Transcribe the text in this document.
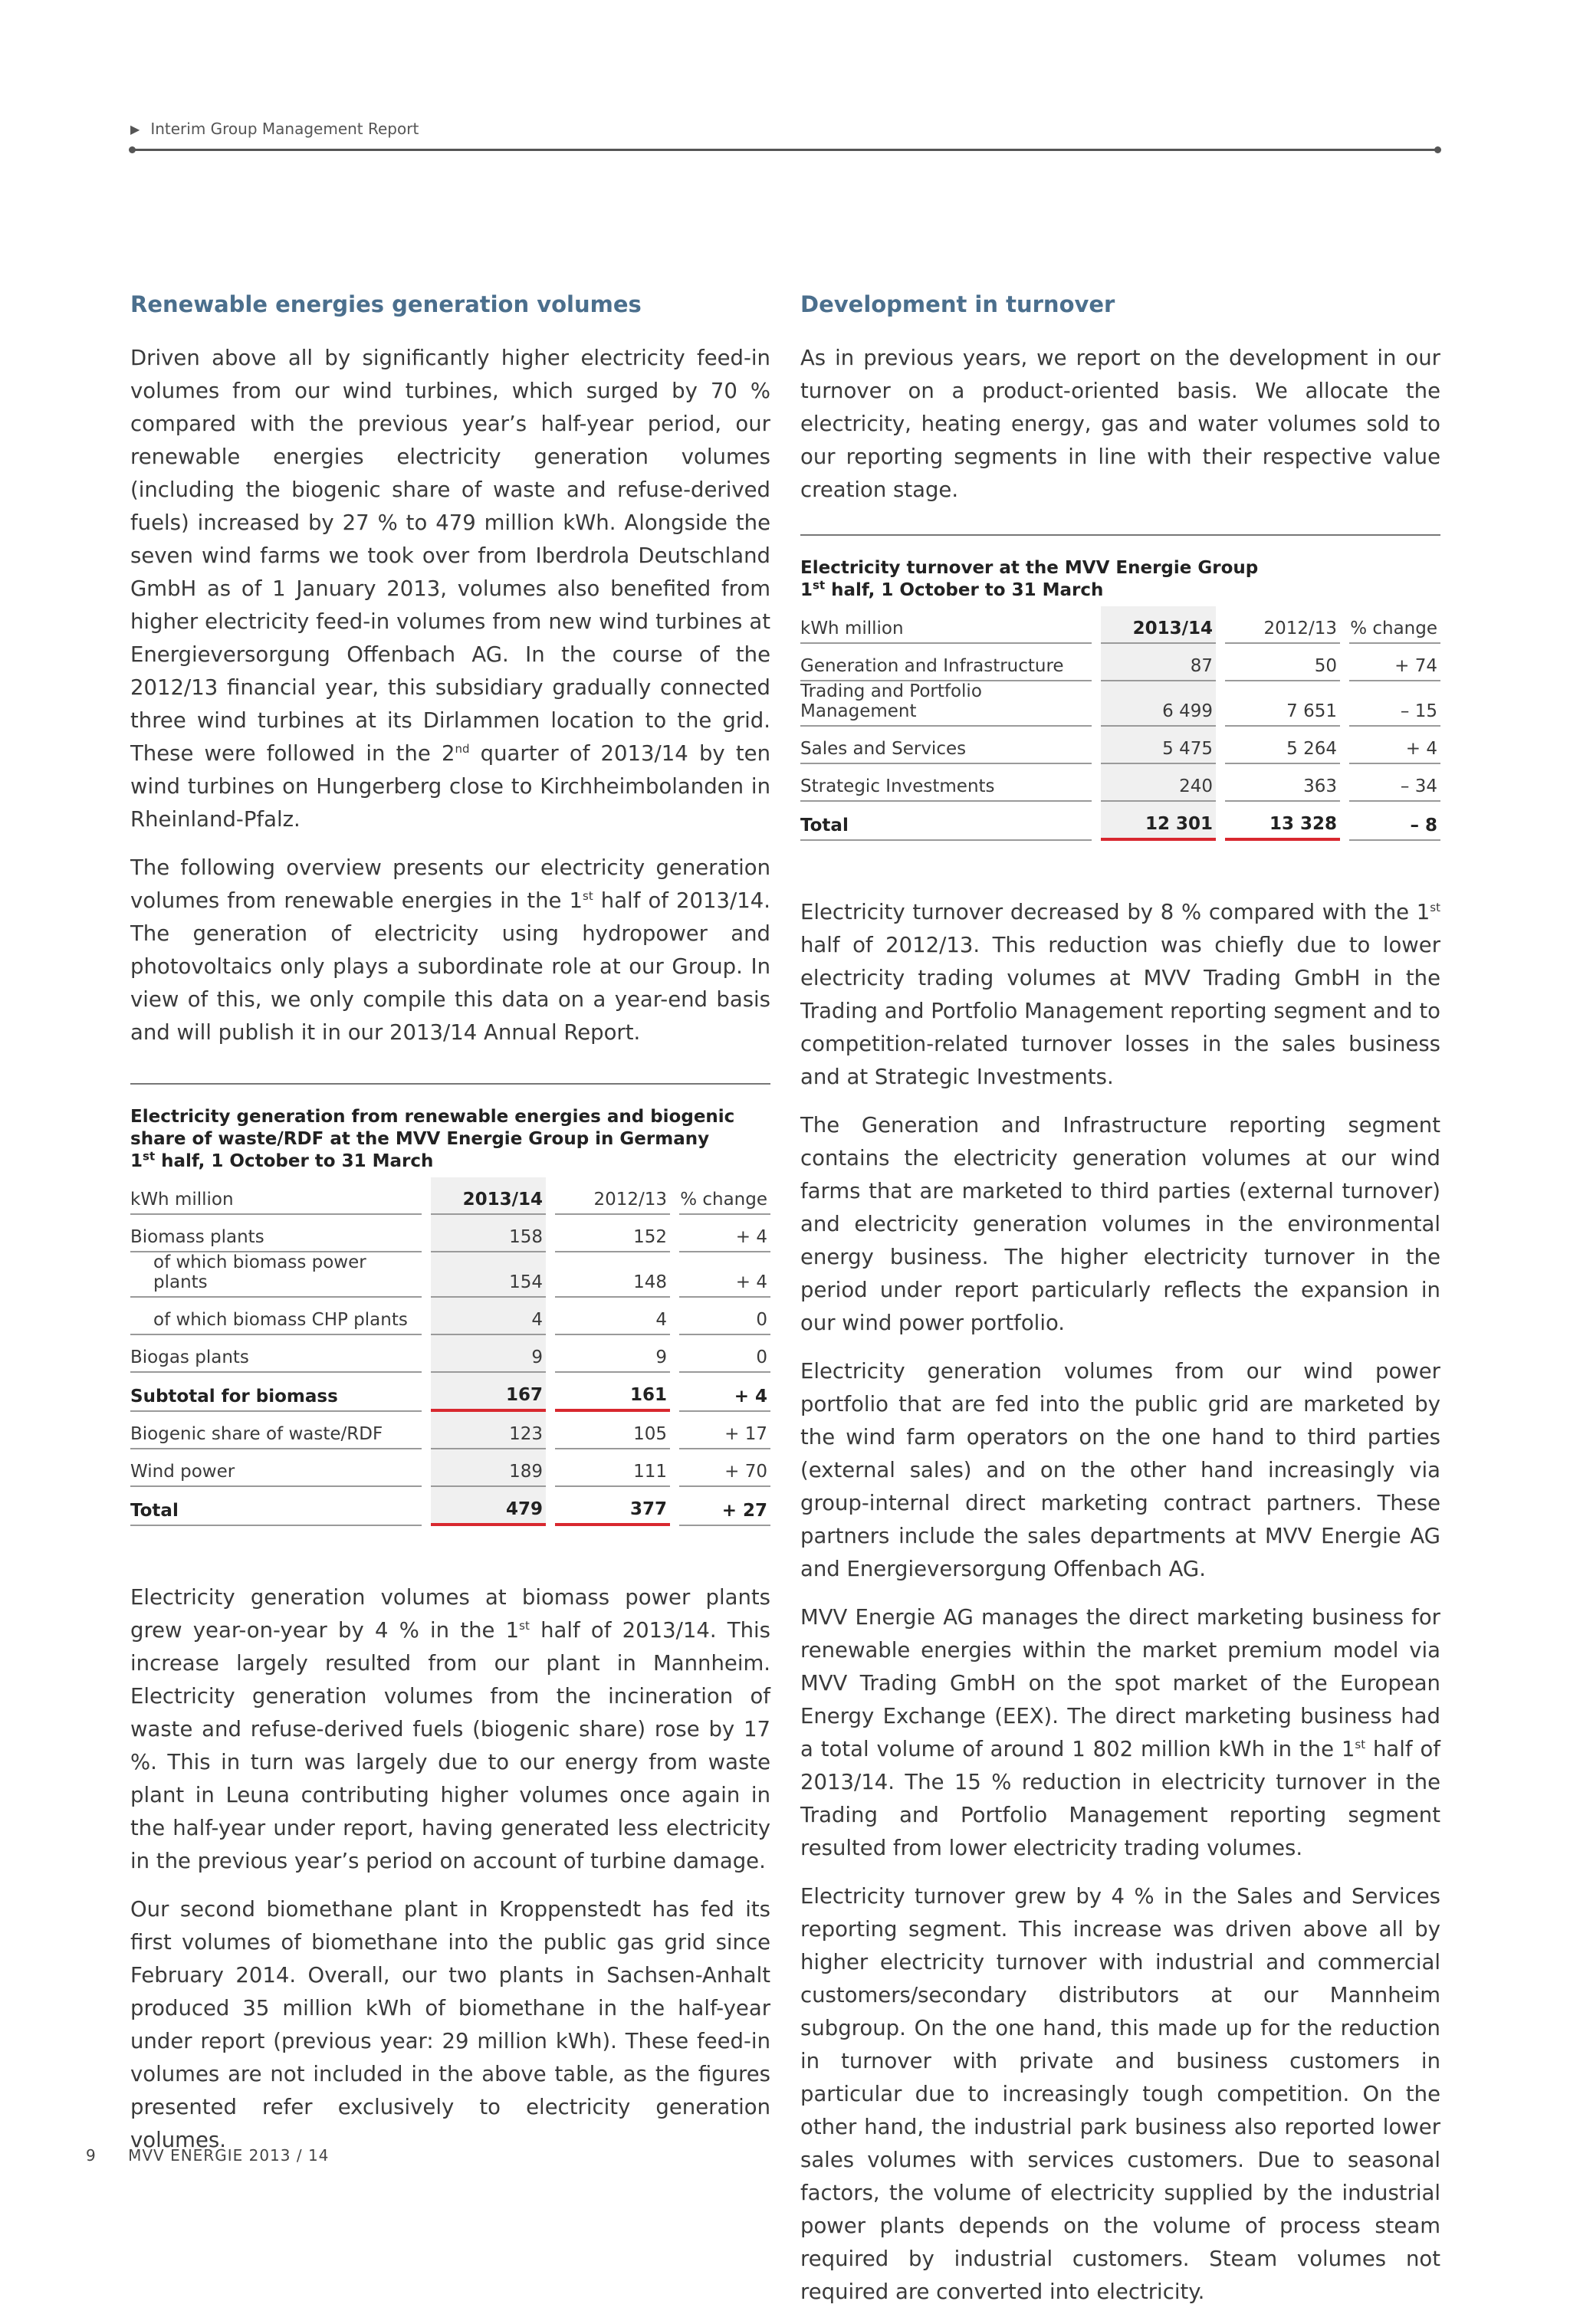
▶ Interim Group Management Report
Renewable energies generation volumes

Driven above all by significantly higher electricity feed-in volumes from our wind turbines, which surged by 70 % compared with the previous year’s half-year period, our renewable energies electricity generation volumes (including the biogenic share of waste and refuse-derived fuels) increased by 27 % to 479 million kWh. Alongside the seven wind farms we took over from Iberdrola Deutschland GmbH as of 1 January 2013, volumes also benefited from higher electricity feed-in volumes from new wind turbines at Energieversorgung Offenbach AG. In the course of the 2012/13 financial year, this subsidiary gradually connected three wind turbines at its Dirlammen location to the grid. These were followed in the 2nd quarter of 2013/14 by ten wind turbines on Hungerberg close to Kirchheimbolanden in Rheinland-Pfalz.

The following overview presents our electricity generation volumes from renewable energies in the 1st half of 2013/14. The generation of electricity using hydropower and photovoltaics only plays a subordinate role at our Group. In view of this, we only compile this data on a year-end basis and will publish it in our 2013/14 Annual Report.

Electricity generation from renewable energies and biogenic
share of waste/RDF at the MVV Energie Group in Germany
1st half, 1 October to 31 March
kWh million		2013/14		2012/13		% change
Biomass plants		158		152		+ 4
of which biomass power plants		154		148		+ 4
of which biomass CHP plants		4		4		0
Biogas plants		9		9		0
Subtotal for biomass		167		161		+ 4
Biogenic share of waste/RDF		123		105		+ 17
Wind power		189		111		+ 70
Total		479		377		+ 27

Electricity generation volumes at biomass power plants grew year-on-year by 4 % in the 1st half of 2013/14. This increase largely resulted from our plant in Mannheim. Electricity generation volumes from the incineration of waste and refuse-derived fuels (biogenic share) rose by 17 %. This in turn was largely due to our energy from waste plant in Leuna contributing higher volumes once again in the half-year under report, having generated less electricity in the previous year’s period on account of turbine damage.

Our second biomethane plant in Kroppenstedt has fed its first volumes of biomethane into the public gas grid since February 2014. Overall, our two plants in Sachsen-Anhalt produced 35 million kWh of biomethane in the half-year under report (previous year: 29 million kWh). These feed-in volumes are not included in the above table, as the figures presented refer exclusively to electricity generation volumes.

Development in turnover

As in previous years, we report on the development in our turnover on a product-oriented basis. We allocate the electricity, heating energy, gas and water volumes sold to our reporting segments in line with their respective value creation stage.

Electricity turnover at the MVV Energie Group
1st half, 1 October to 31 March
kWh million		2013/14		2012/13		% change
Generation and Infrastructure		87		50		+ 74
Trading and Portfolio Management		6 499		7 651		– 15
Sales and Services		5 475		5 264		+ 4
Strategic Investments		240		363		– 34
Total		12 301		13 328		– 8

Electricity turnover decreased by 8 % compared with the 1st half of 2012/13. This reduction was chiefly due to lower electricity trading volumes at MVV Trading GmbH in the Trading and Portfolio Management reporting segment and to competition-related turnover losses in the sales business and at Strategic Investments.

The Generation and Infrastructure reporting segment contains the electricity generation volumes at our wind farms that are marketed to third parties (external turnover) and electricity generation volumes in the environmental energy business. The higher electricity turnover in the period under report particularly reflects the expansion in our wind power portfolio.

Electricity generation volumes from our wind power portfolio that are fed into the public grid are marketed by the wind farm operators on the one hand to third parties (external sales) and on the other hand increasingly via group-internal direct marketing contract partners. These partners include the sales departments at MVV Energie AG and Energieversorgung Offenbach AG.

MVV Energie AG manages the direct marketing business for renewable energies within the market premium model via MVV Trading GmbH on the spot market of the European Energy Exchange (EEX). The direct marketing business had a total volume of around 1 802 million kWh in the 1st half of 2013/14. The 15 % reduction in electricity turnover in the Trading and Portfolio Management reporting segment resulted from lower electricity trading volumes.

Electricity turnover grew by 4 % in the Sales and Services reporting segment. This increase was driven above all by higher electricity turnover with industrial and commercial customers/secondary distributors at our Mannheim subgroup. On the one hand, this made up for the reduction in turnover with private and business customers in particular due to increasingly tough competition. On the other hand, the industrial park business also reported lower sales volumes with services customers. Due to seasonal factors, the volume of electricity supplied by the industrial power plants depends on the volume of process steam required by industrial customers. Steam volumes not required are converted into electricity.

9 MVV ENERGIE 2013 / 14
